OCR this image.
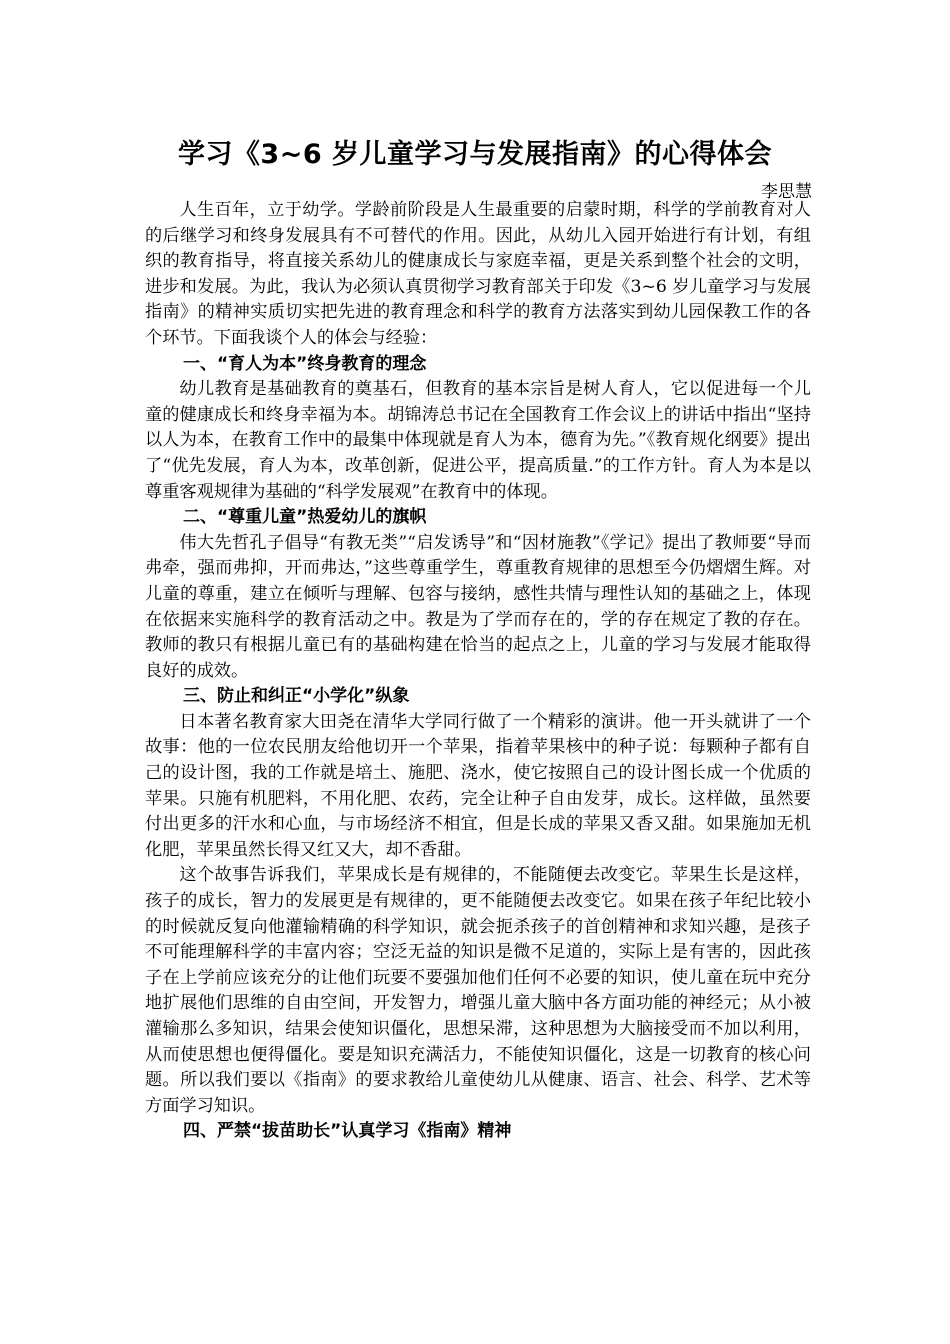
学习《3~6 岁儿童学习与发展指南》的心得体会
李思慧

人生百年，立于幼学。学龄前阶段是人生最重要的启蒙时期，科学的学前教育对人的后继学习和终身发展具有不可替代的作用。因此，从幼儿入园开始进行有计划，有组织的教育指导，将直接关系幼儿的健康成长与家庭幸福，更是关系到整个社会的文明，进步和发展。为此，我认为必须认真贯彻学习教育部关于印发《3~6 岁儿童学习与发展指南》的精神实质切实把先进的教育理念和科学的教育方法落实到幼儿园保教工作的各个环节。下面我谈个人的体会与经验：

一、“育人为本”终身教育的理念

幼儿教育是基础教育的奠基石，但教育的基本宗旨是树人育人，它以促进每一个儿童的健康成长和终身幸福为本。胡锦涛总书记在全国教育工作会议上的讲话中指出“坚持以人为本，在教育工作中的最集中体现就是育人为本，德育为先。”《教育规化纲要》提出了“优先发展，育人为本，改革创新，促进公平，提高质量.”的工作方针。育人为本是以尊重客观规律为基础的“科学发展观”在教育中的体现。

二、“尊重儿童”热爱幼儿的旗帜

伟大先哲孔子倡导“有教无类”“启发诱导”和“因材施教”《学记》提出了教师要“导而弗牵，强而弗抑，开而弗达，”这些尊重学生，尊重教育规律的思想至今仍熠熠生辉。对儿童的尊重，建立在倾听与理解、包容与接纳，感性共情与理性认知的基础之上，体现在依据来实施科学的教育活动之中。教是为了学而存在的，学的存在规定了教的存在。教师的教只有根据儿童已有的基础构建在恰当的起点之上，儿童的学习与发展才能取得良好的成效。

三、防止和纠正“小学化”纵象

日本著名教育家大田尧在清华大学同行做了一个精彩的演讲。他一开头就讲了一个故事：他的一位农民朋友给他切开一个苹果，指着苹果核中的种子说：每颗种子都有自己的设计图，我的工作就是培土、施肥、浇水，使它按照自己的设计图长成一个优质的苹果。只施有机肥料，不用化肥、农药，完全让种子自由发芽，成长。这样做，虽然要付出更多的汗水和心血，与市场经济不相宜，但是长成的苹果又香又甜。如果施加无机化肥，苹果虽然长得又红又大，却不香甜。

这个故事告诉我们，苹果成长是有规律的，不能随便去改变它。苹果生长是这样，孩子的成长，智力的发展更是有规律的，更不能随便去改变它。如果在孩子年纪比较小的时候就反复向他灌输精确的科学知识，就会扼杀孩子的首创精神和求知兴趣，是孩子不可能理解科学的丰富内容；空泛无益的知识是微不足道的，实际上是有害的，因此孩子在上学前应该充分的让他们玩要不要强加他们任何不必要的知识，使儿童在玩中充分地扩展他们思维的自由空间，开发智力，增强儿童大脑中各方面功能的神经元；从小被灌输那么多知识，结果会使知识僵化，思想呆滞，这种思想为大脑接受而不加以利用，从而使思想也便得僵化。要是知识充满活力，不能使知识僵化，这是一切教育的核心问题。所以我们要以《指南》的要求教给儿童使幼儿从健康、语言、社会、科学、艺术等方面学习知识。

四、严禁“拔苗助长”认真学习《指南》精神
